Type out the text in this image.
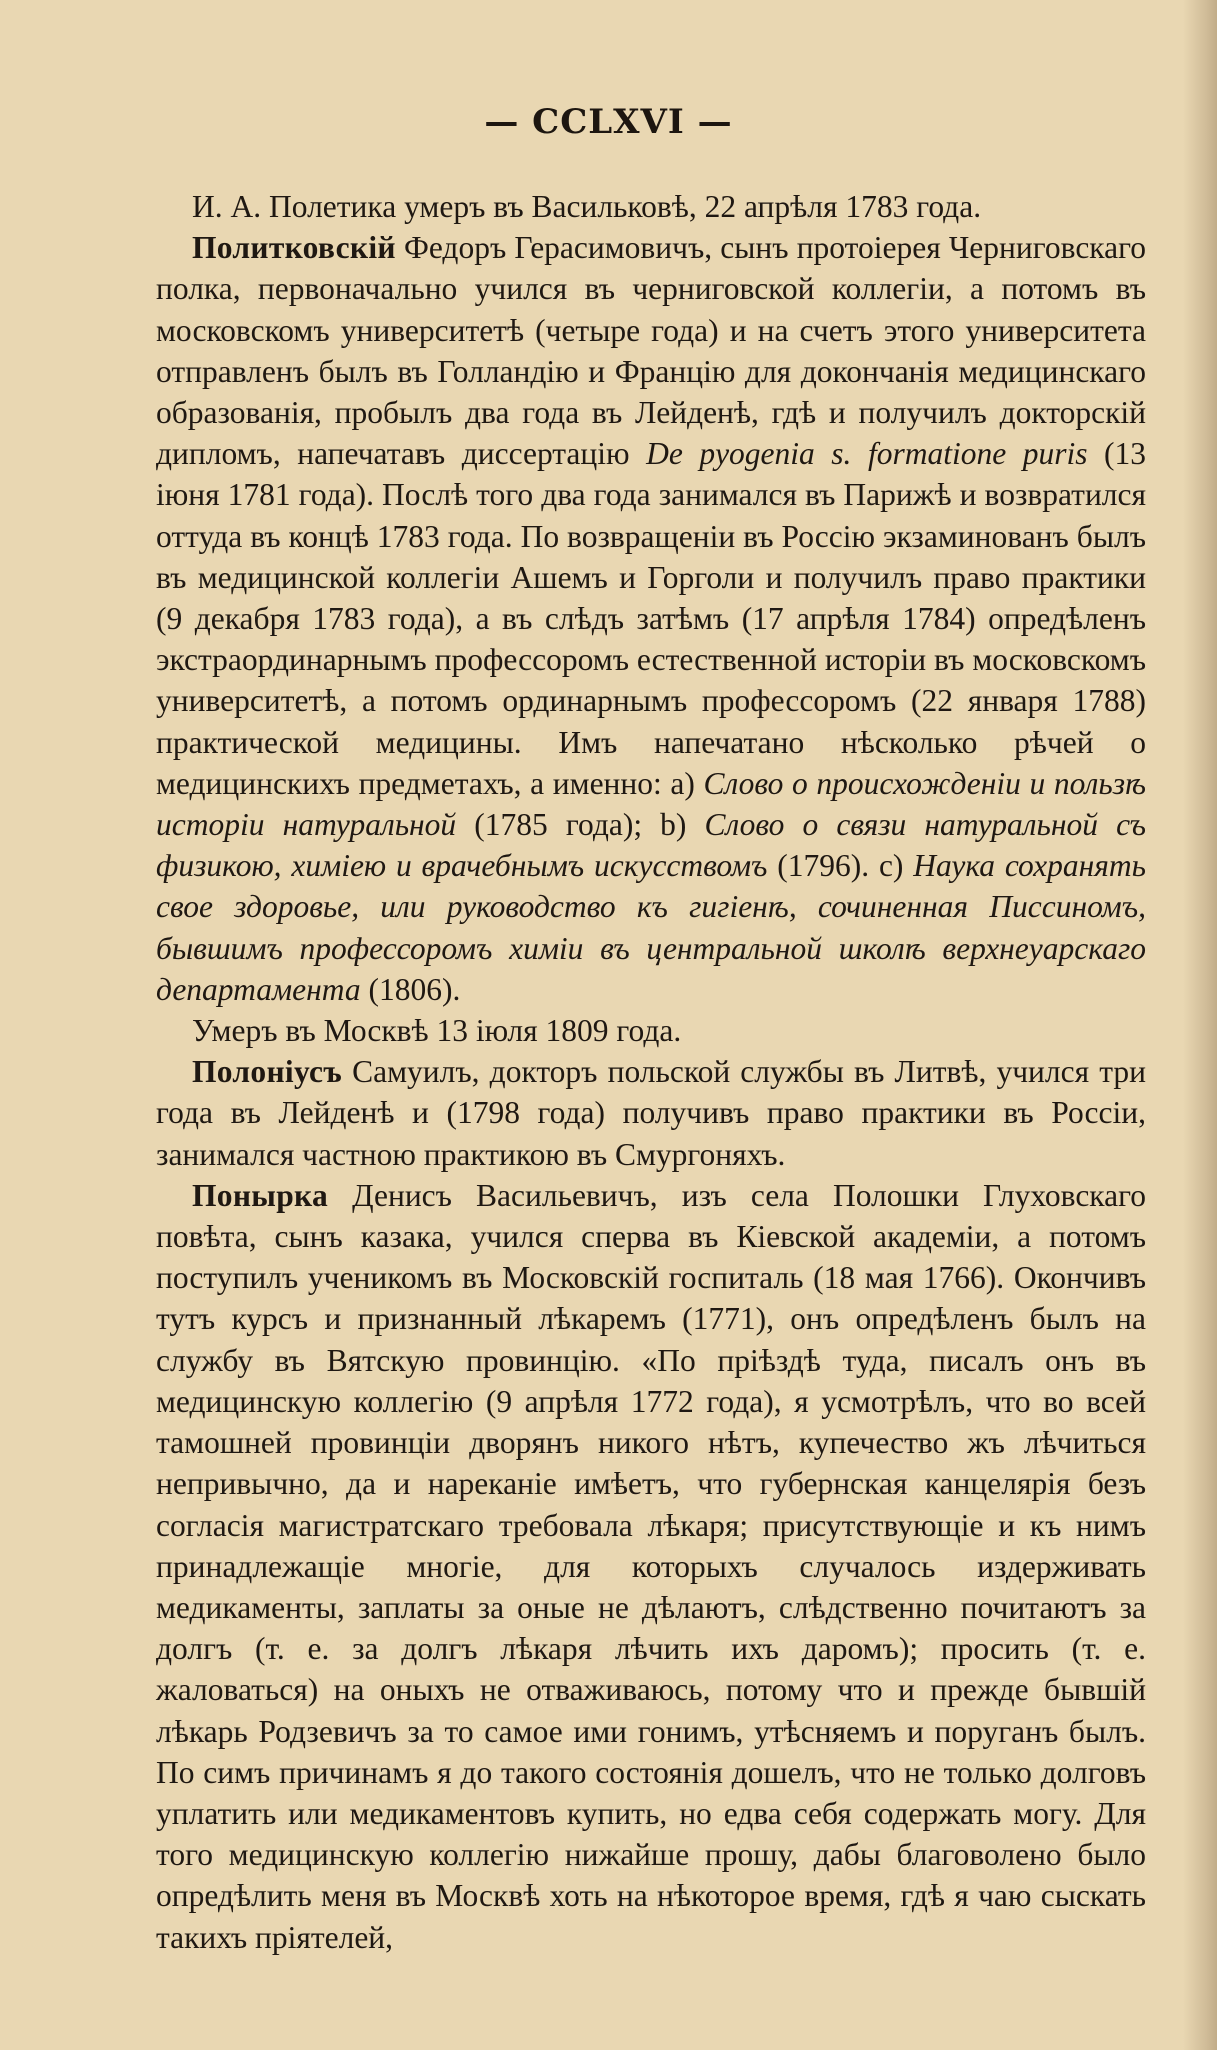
— CCLXVI —

И. А. Полетика умеръ въ Васильковѣ, 22 апрѣля 1783 года.

Политковскій Федоръ Герасимовичъ, сынъ протоіерея Черниговскаго полка, первоначально учился въ черниговской коллегіи, а потомъ въ московскомъ университетѣ (четыре года) и на счетъ этого университета отправленъ былъ въ Голландію и Францію для докончанія медицинскаго образованія, пробылъ два года въ Лейденѣ, гдѣ и получилъ докторскій дипломъ, напечатавъ диссертацію De pyogenia s. formatione puris (13 іюня 1781 года). Послѣ того два года занимался въ Парижѣ и возвратился оттуда въ концѣ 1783 года. По возвращеніи въ Россію экзаминованъ былъ въ медицинской коллегіи Ашемъ и Горголи и получилъ право практики (9 декабря 1783 года), а въ слѣдъ затѣмъ (17 апрѣля 1784) опредѣленъ экстраординарнымъ профессоромъ естественной исторіи въ московскомъ университетѣ, а потомъ ординарнымъ профессоромъ (22 января 1788) практической медицины. Имъ напечатано нѣсколько рѣчей о медицинскихъ предметахъ, а именно: а) Слово о происхожденіи и пользѣ исторіи натуральной (1785 года); b) Слово о связи натуральной съ физикою, химіею и врачебнымъ искусствомъ (1796). с) Наука сохранять свое здоровье, или руководство къ гигіенѣ, сочиненная Писсиномъ, бывшимъ профессоромъ химіи въ центральной школѣ верхнеуарскаго департамента (1806).

Умеръ въ Москвѣ 13 іюля 1809 года.

Полоніусъ Самуилъ, докторъ польской службы въ Литвѣ, учился три года въ Лейденѣ и (1798 года) получивъ право практики въ Россіи, занимался частною практикою въ Смургоняхъ.

Понырка Денисъ Васильевичъ, изъ села Полошки Глуховскаго повѣта, сынъ казака, учился сперва въ Кіевской академіи, а потомъ поступилъ ученикомъ въ Московскій госпиталь (18 мая 1766). Окончивъ тутъ курсъ и признанный лѣкаремъ (1771), онъ опредѣленъ былъ на службу въ Вятскую провинцію. «По пріѣздѣ туда, писалъ онъ въ медицинскую коллегію (9 апрѣля 1772 года), я усмотрѣлъ, что во всей тамошней провинціи дворянъ никого нѣтъ, купечество жъ лѣчиться непривычно, да и нареканіе имѣетъ, что губернская канцелярія безъ согласія магистратскаго требовала лѣкаря; присутствующіе и къ нимъ принадлежащіе многіе, для которыхъ случалось издерживать медикаменты, заплаты за оные не дѣлаютъ, слѣдственно почитаютъ за долгъ (т. е. за долгъ лѣкаря лѣчить ихъ даромъ); просить (т. е. жаловаться) на оныхъ не отваживаюсь, потому что и прежде бывшій лѣкарь Родзевичъ за то самое ими гонимъ, утѣсняемъ и поруганъ былъ. По симъ причинамъ я до такого состоянія дошелъ, что не только долговъ уплатить или медикаментовъ купить, но едва себя содержать могу. Для того медицинскую коллегію нижайше прошу, дабы благоволено было опредѣлить меня въ Москвѣ хоть на нѣкоторое время, гдѣ я чаю сыскать такихъ пріятелей,
